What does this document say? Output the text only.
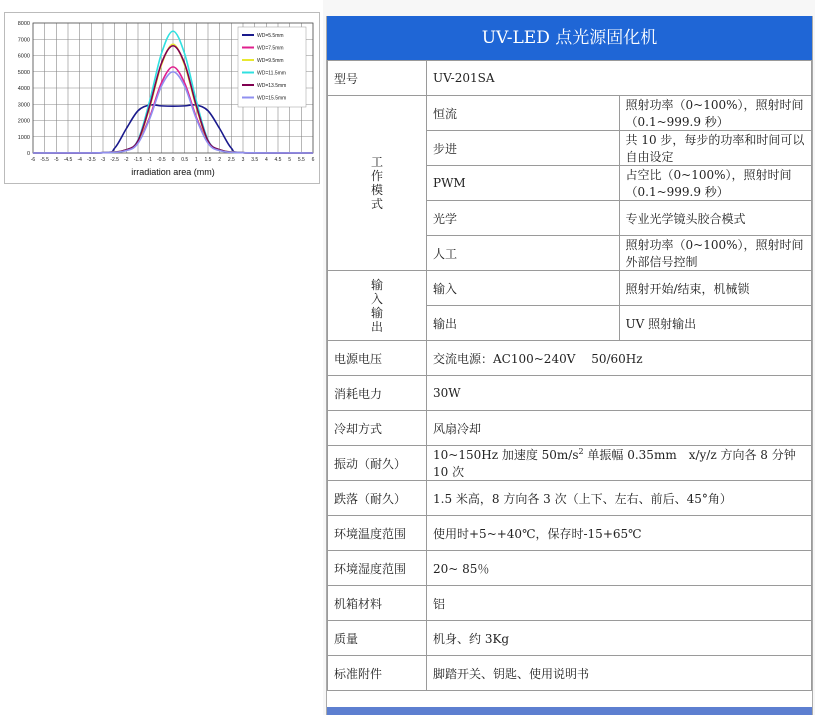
0
1000
2000
3000
4000
5000
6000
7000
8000
-6 -5.5 -5 -4.5 -4 -3.5 -3 -2.5 -2 -1.5 -1 -0.5 0 0.5 1 1.5 2 2.5 3 3.5 4 4.5 5 5.5 6
WD=5.5mm
WD=7.5mm
WD=9.5mm
WD=11.5mm
WD=13.5mm
WD=15.5mm
irradiation area (mm)
UV-LED 点光源固化机
型号	UV-201SA	

工作模式	恒流	照射功率（0~100%），照射时间（0.1~999.9 秒）
	步进	共 10 步，每步的功率和时间可以自由设定
	PWM	占空比（0~100%），照射时间（0.1~999.9 秒）
	光学	专业光学镜头胶合模式
	人工	照射功率（0~100%），照射时间外部信号控制

输入输出	输入	照射开始/结束，机械锁
	输出	UV 照射输出
电源电压	交流电源：AC100~240V　 50/60Hz	
消耗电力	30W	
冷却方式	风扇冷却	
振动（耐久）	10~150Hz 加速度 $50m/s^2$ 单振幅 0.35mm　x/y/z 方向各 8 分钟 10 次	
跌落（耐久）	1.5 米高，8 方向各 3 次（上下、左右、前后、45°角）	
环境温度范围	使用时+5~+40℃，保存时-15+65℃	
环境湿度范围	20~ 85％	
机箱材料	铝	
质量	机身、约 3Kg	
标准附件	脚踏开关、钥匙、使用说明书	
